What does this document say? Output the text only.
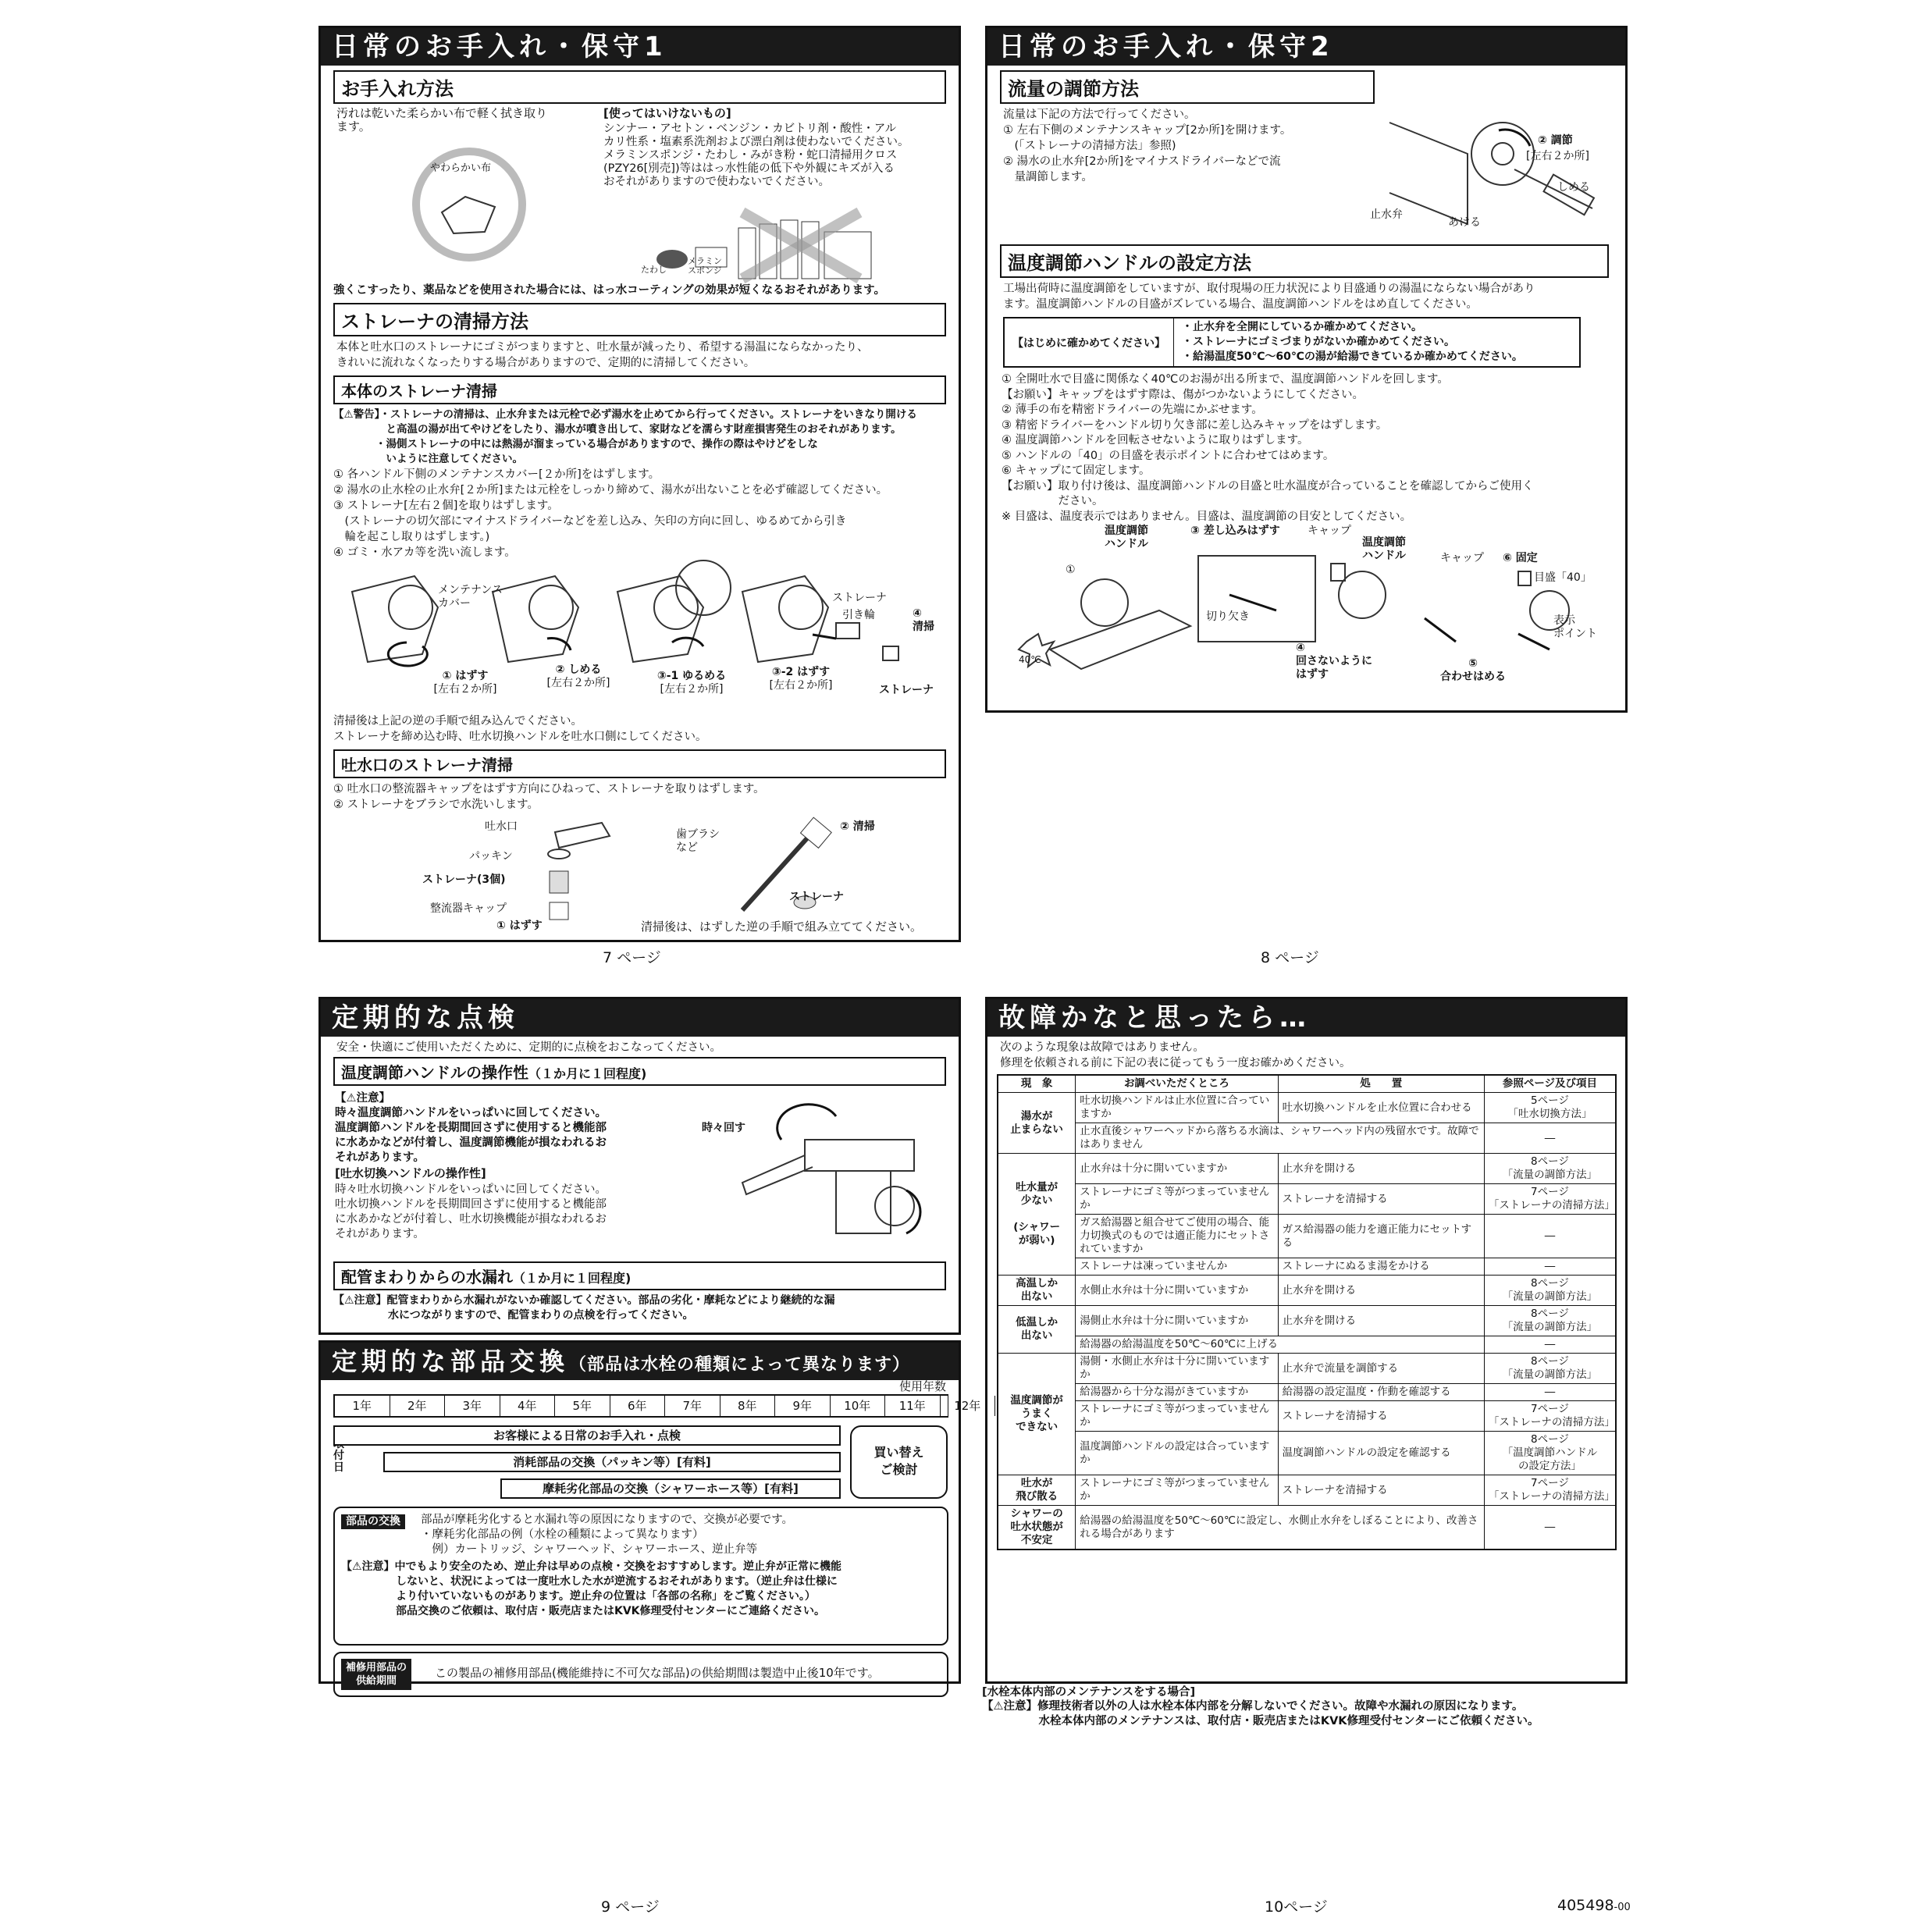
日常のお手入れ・保守1
お手入れ方法
汚れは乾いた柔らかい布で軽く拭き取り
ます。
やわらかい布
[使ってはいけないもの]
シンナー・アセトン・ベンジン・カビトリ剤・酸性・アル
カリ性系・塩素系洗剤および漂白剤は使わないでください。
メラミンスポンジ・たわし・みがき粉・蛇口清掃用クロス
(PZY26[別売])等ははっ水性能の低下や外観にキズが入る
おそれがありますので使わないでください。
たわし
メラミン
スポンジ
強くこすったり、薬品などを使用された場合には、はっ水コーティングの効果が短くなるおそれがあります。
ストレーナの清掃方法
本体と吐水口のストレーナにゴミがつまりますと、吐水量が減ったり、希望する湯温にならなかったり、
きれいに流れなくなったりする場合がありますので、定期的に清掃してください。
本体のストレーナ清掃
【⚠警告】・ストレーナの清掃は、止水弁または元栓で必ず湯水を止めてから行ってください。ストレーナをいきなり開ける
　　　　　と高温の湯が出てやけどをしたり、湯水が噴き出して、家財などを濡らす財産損害発生のおそれがあります。
　　　　・湯側ストレーナの中には熱湯が溜まっている場合がありますので、操作の際はやけどをしな
　　　　　いように注意してください。
① 各ハンドル下側のメンテナンスカバー[２か所]をはずします。
② 湯水の止水栓の止水弁[２か所]または元栓をしっかり締めて、湯水が出ないことを必ず確認してください。
③ ストレーナ[左右２個]を取りはずします。
　(ストレーナの切欠部にマイナスドライバーなどを差し込み、矢印の方向に回し、ゆるめてから引き
　輪を起こし取りはずします。)
④ ゴミ・水アカ等を洗い流します。
メンテナンス
カバー	ストレーナ
引き輪	④
清掃
ストレーナ
① はずす
[左右２か所]
② しめる
[左右２か所]
③-1 ゆるめる
[左右２か所]
③-2 はずす
[左右２か所]
清掃後は上記の逆の手順で組み込んでください。
ストレーナを締め込む時、吐水切換ハンドルを吐水口側にしてください。
吐水口のストレーナ清掃
① 吐水口の整流器キャップをはずす方向にひねって、ストレーナを取りはずします。
② ストレーナをブラシで水洗いします。
吐水口
パッキン
ストレーナ(3個)
整流器キャップ
① はずす
歯ブラシ
など
② 清掃
ストレーナ
清掃後は、はずした逆の手順で組み立ててください。
7 ページ
日常のお手入れ・保守2
流量の調節方法
流量は下記の方法で行ってください。
① 左右下側のメンテナンスキャップ[2か所]を開けます。
　(「ストレーナの清掃方法」参照)
② 湯水の止水弁[2か所]をマイナスドライバーなどで流
　量調節します。
② 調節
[左右２か所]
しめる
止水弁
あける
温度調節ハンドルの設定方法
工場出荷時に温度調節をしていますが、取付現場の圧力状況により目盛通りの湯温にならない場合があり
ます。温度調節ハンドルの目盛がズレている場合、温度調節ハンドルをはめ直してください。
【はじめに確かめてください】	・止水弁を全開にしているか確かめてください。
・ストレーナにゴミづまりがないか確かめてください。
・給湯温度50℃～60℃の湯が給湯できているか確かめてください。
① 全開吐水で目盛に関係なく40℃のお湯が出る所まで、温度調節ハンドルを回します。
【お願い】キャップをはずす際は、傷がつかないようにしてください。
② 薄手の布を精密ドライバーの先端にかぶせます。
③ 精密ドライバーをハンドル切り欠き部に差し込みキャップをはずします。
④ 温度調節ハンドルを回転させないように取りはずします。
⑤ ハンドルの「40」の目盛を表示ポイントに合わせてはめます。
⑥ キャップにて固定します。
【お願い】取り付け後は、温度調節ハンドルの目盛と吐水温度が合っていることを確認してからご使用く
　　　　　ださい。
※ 目盛は、温度表示ではありません。目盛は、温度調節の目安としてください。
温度調節
ハンドル
①
40℃
③ 差し込みはずす	キャップ
温度調節
ハンドル
切り欠き
④
回さないように
はずす
キャップ ⑥ 固定
目盛「40」
表示
ポイント
⑤
合わせはめる
8 ページ
定期的な点検
安全・快適にご使用いただくために、定期的に点検をおこなってください。
温度調節ハンドルの操作性（１か月に１回程度)
【⚠注意】
時々温度調節ハンドルをいっぱいに回してください。
温度調節ハンドルを長期間回さずに使用すると機能部
に水あかなどが付着し、温度調節機能が損なわれるお
それがあります。
[吐水切換ハンドルの操作性]
時々吐水切換ハンドルをいっぱいに回してください。
吐水切換ハンドルを長期間回さずに使用すると機能部
に水あかなどが付着し、吐水切換機能が損なわれるお
それがあります。
時々回す
配管まわりからの水漏れ（１か月に１回程度)
【⚠注意】配管まわりから水漏れがないか確認してください。部品の劣化・摩耗などにより継続的な漏
　　　　　水につながりますので、配管まわりの点検を行ってください。
定期的な部品交換（部品は水栓の種類によって異なります）
使用年数
1年	2年	3年	4年	5年	6年	7年	8年	9年	10年 11年 12年

付
日
お客様による日常のお手入れ・点検
消耗部品の交換（パッキン等）[有料]
摩耗劣化部品の交換（シャワーホース等）[有料]
買い替え
ご検討
部品の交換	部品が摩耗劣化すると水漏れ等の原因になりますので、交換が必要です。
・摩耗劣化部品の例（水栓の種類によって異なります）
　例）カートリッジ、シャワーヘッド、シャワーホース、逆止弁等
【⚠注意】中でもより安全のため、逆止弁は早めの点検・交換をおすすめします。逆止弁が正常に機能
　　　　　しないと、状況によっては一度吐水した水が逆流するおそれがあります。（逆止弁は仕様に
　　　　　より付いていないものがあります。逆止弁の位置は「各部の名称」をご覧ください。）
　　　　　部品交換のご依頼は、取付店・販売店またはKVK修理受付センターにご連絡ください。
補修用部品の
供給期間
この製品の補修用部品(機能維持に不可欠な部品)の供給期間は製造中止後10年です。
9 ページ
故障かなと思ったら…
次のような現象は故障ではありません。
修理を依頼される前に下記の表に従ってもう一度お確かめください。
現　象	お調べいただくところ	処　　置	参照ページ及び項目
湯水が
止まらない	吐水切換ハンドルは止水位置に合っていますか	吐水切換ハンドルを止水位置に合わせる	5ページ
「吐水切換方法」
	止水直後シャワーヘッドから落ちる水滴は、シャワーヘッド内の残留水です。故障ではありません		―
吐水量が
少ない

(シャワー
が弱い)	止水弁は十分に開いていますか	止水弁を開ける	8ページ
「流量の調節方法」
	ストレーナにゴミ等がつまっていませんか	ストレーナを清掃する	7ページ
「ストレーナの清掃方法」
	ガス給湯器と組合せてご使用の場合、能力切換式のものでは適正能力にセットされていますか	ガス給湯器の能力を適正能力にセットする	―
	ストレーナは凍っていませんか	ストレーナにぬるま湯をかける	―
高温しか
出ない	水側止水弁は十分に開いていますか	止水弁を開ける	8ページ
「流量の調節方法」
低温しか
出ない	湯側止水弁は十分に開いていますか	止水弁を開ける	8ページ
「流量の調節方法」
	給湯器の給湯温度を50℃～60℃に上げる		―
温度調節が
うまく
できない	湯側・水側止水弁は十分に開いていますか	止水弁で流量を調節する	8ページ
「流量の調節方法」
	給湯器から十分な湯がきていますか	給湯器の設定温度・作動を確認する	―
	ストレーナにゴミ等がつまっていませんか	ストレーナを清掃する	7ページ
「ストレーナの清掃方法」
	温度調節ハンドルの設定は合っていますか	温度調節ハンドルの設定を確認する	8ページ
「温度調節ハンドル
の設定方法」
吐水が
飛び散る	ストレーナにゴミ等がつまっていませんか	ストレーナを清掃する	7ページ
「ストレーナの清掃方法」
シャワーの
吐水状態が
不安定	給湯器の給湯温度を50℃～60℃に設定し、水側止水弁をしぼることにより、改善される場合があります		―
[水栓本体内部のメンテナンスをする場合]
【⚠注意】修理技術者以外の人は水栓本体内部を分解しないでください。故障や水漏れの原因になります。
　　　　　水栓本体内部のメンテナンスは、取付店・販売店またはKVK修理受付センターにご依頼ください。
10ページ	405498-00
